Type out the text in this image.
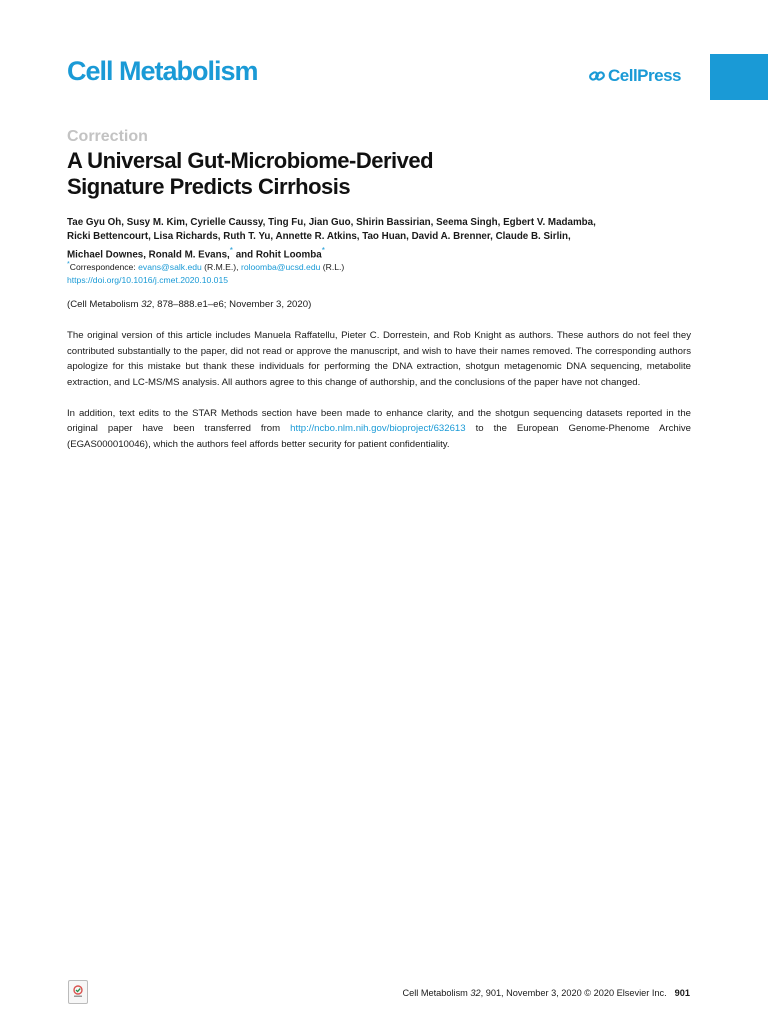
Cell Metabolism	CellPress
Correction
A Universal Gut-Microbiome-Derived
Signature Predicts Cirrhosis
Tae Gyu Oh, Susy M. Kim, Cyrielle Caussy, Ting Fu, Jian Guo, Shirin Bassirian, Seema Singh, Egbert V. Madamba,
Ricki Bettencourt, Lisa Richards, Ruth T. Yu, Annette R. Atkins, Tao Huan, David A. Brenner, Claude B. Sirlin,
Michael Downes, Ronald M. Evans,* and Rohit Loomba*
*Correspondence: evans@salk.edu (R.M.E.), roloomba@ucsd.edu (R.L.)
https://doi.org/10.1016/j.cmet.2020.10.015

(Cell Metabolism 32, 878–888.e1–e6; November 3, 2020)

The original version of this article includes Manuela Raffatellu, Pieter C. Dorrestein, and Rob Knight as authors. These authors do not feel they contributed substantially to the paper, did not read or approve the manuscript, and wish to have their names removed. The corresponding authors apologize for this mistake but thank these individuals for performing the DNA extraction, shotgun metagenomic DNA sequencing, metabolite extraction, and LC-MS/MS analysis. All authors agree to this change of authorship, and the conclusions of the paper have not changed.

In addition, text edits to the STAR Methods section have been made to enhance clarity, and the shotgun sequencing datasets reported in the original paper have been transferred from http://ncbo.nlm.nih.gov/bioproject/632613 to the European Genome-Phenome Archive (EGAS000010046), which the authors feel affords better security for patient confidentiality.

Cell Metabolism 32, 901, November 3, 2020 © 2020 Elsevier Inc. 901
